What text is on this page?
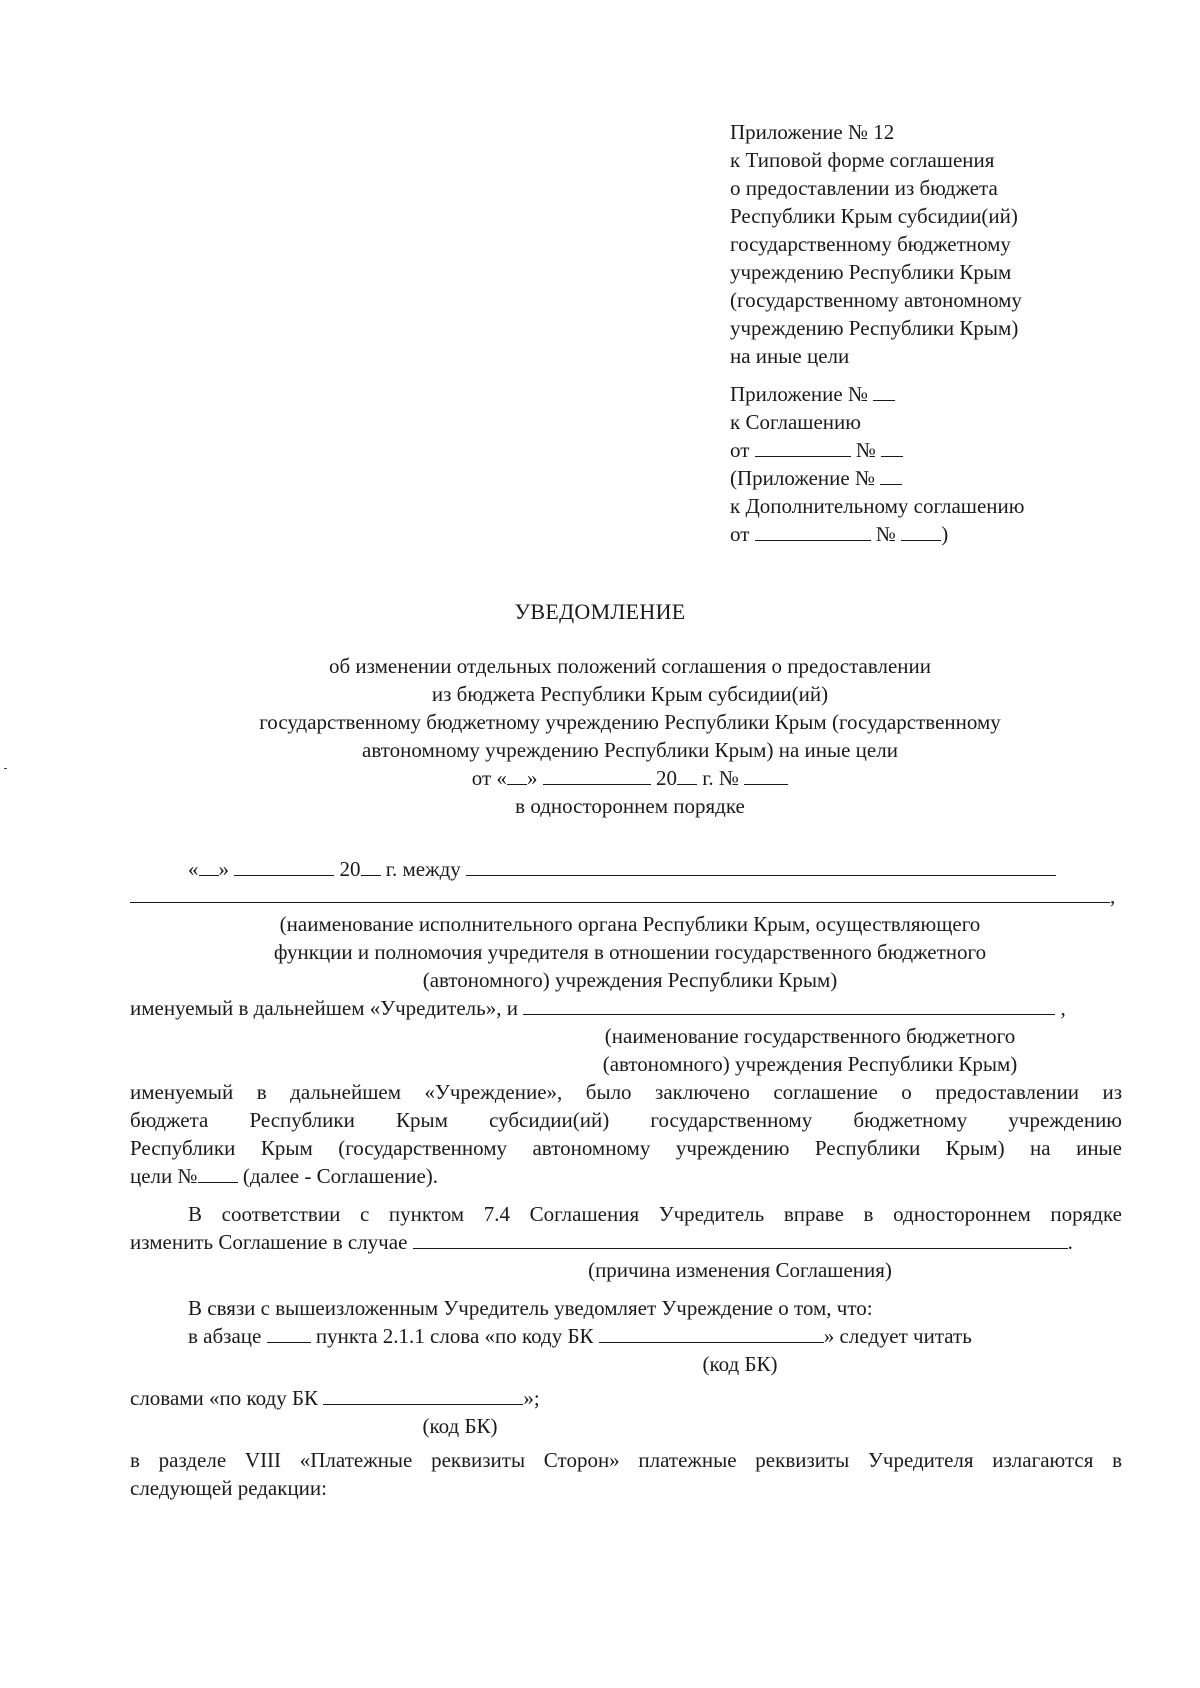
Приложение № 12
к Типовой форме соглашения
о предоставлении из бюджета
Республики Крым субсидии(ий)
государственному бюджетному
учреждению Республики Крым
(государственному автономному
учреждению Республики Крым)
на иные цели
Приложение №
к Соглашению
от	№
(Приложение №
к Дополнительному соглашению
от	№ )
УВЕДОМЛЕНИЕ
об изменении отдельных положений соглашения о предоставлении
из бюджета Республики Крым субсидии(ий)
государственному бюджетному учреждению Республики Крым (государственному
автономному учреждению Республики Крым) на иные цели
от « »	20 г. №
в одностороннем порядке
« »	20 г. между
,
(наименование исполнительного органа Республики Крым, осуществляющего
функции и полномочия учредителя в отношении государственного бюджетного
(автономного) учреждения Республики Крым)
именуемый в дальнейшем «Учредитель», и	,
(наименование государственного бюджетного
(автономного) учреждения Республики Крым)
именуемый в дальнейшем «Учреждение», было заключено соглашение о предоставлении из
бюджета Республики Крым субсидии(ий) государственному бюджетному учреждению
Республики Крым (государственному автономному учреждению Республики Крым) на иные
цели № (далее - Соглашение).
В соответствии с пунктом 7.4 Соглашения Учредитель вправе в одностороннем порядке
изменить Соглашение в случае	.
(причина изменения Соглашения)
В связи с вышеизложенным Учредитель уведомляет Учреждение о том, что:
в абзаце	пункта 2.1.1 слова «по коду БК	» следует читать
(код БК)
словами «по коду БК	»;
(код БК)
в разделе VIII «Платежные реквизиты Сторон» платежные реквизиты Учредителя излагаются в
следующей редакции:
